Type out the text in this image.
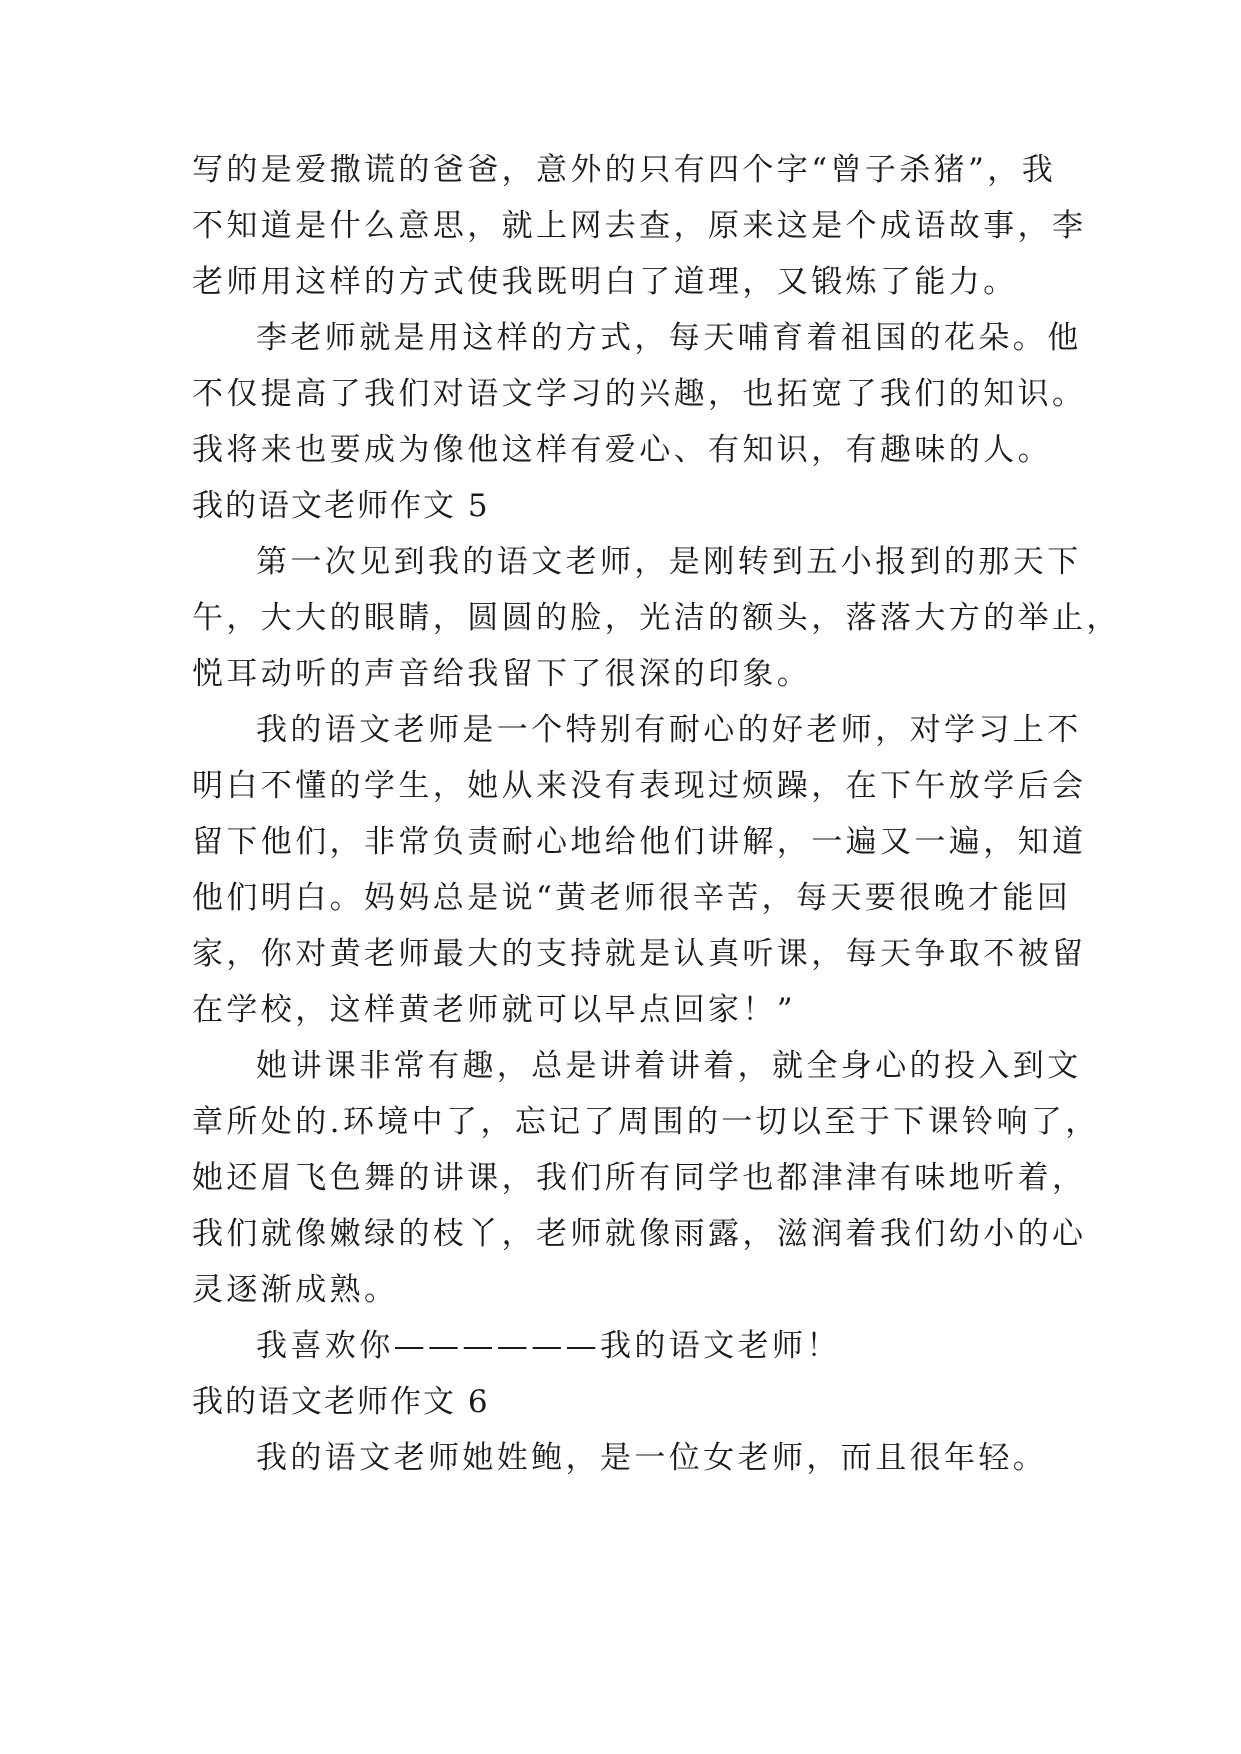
写的是爱撒谎的爸爸，意外的只有四个字“曾子杀猪”，我
不知道是什么意思，就上网去查，原来这是个成语故事，李
老师用这样的方式使我既明白了道理，又锻炼了能力。
李老师就是用这样的方式，每天哺育着祖国的花朵。他
不仅提高了我们对语文学习的兴趣，也拓宽了我们的知识。
我将来也要成为像他这样有爱心、有知识，有趣味的人。
我的语文老师作文 5
第一次见到我的语文老师，是刚转到五小报到的那天下
午，大大的眼睛，圆圆的脸，光洁的额头，落落大方的举止，
悦耳动听的声音给我留下了很深的印象。
我的语文老师是一个特别有耐心的好老师，对学习上不
明白不懂的学生，她从来没有表现过烦躁，在下午放学后会
留下他们，非常负责耐心地给他们讲解，一遍又一遍，知道
他们明白。妈妈总是说“黄老师很辛苦，每天要很晚才能回
家，你对黄老师最大的支持就是认真听课，每天争取不被留
在学校，这样黄老师就可以早点回家！”
她讲课非常有趣，总是讲着讲着，就全身心的投入到文
章所处的.环境中了，忘记了周围的一切以至于下课铃响了，
她还眉飞色舞的讲课，我们所有同学也都津津有味地听着，
我们就像嫩绿的枝丫，老师就像雨露，滋润着我们幼小的心
灵逐渐成熟。
我喜欢你——————我的语文老师！
我的语文老师作文 6
我的语文老师她姓鲍，是一位女老师，而且很年轻。
